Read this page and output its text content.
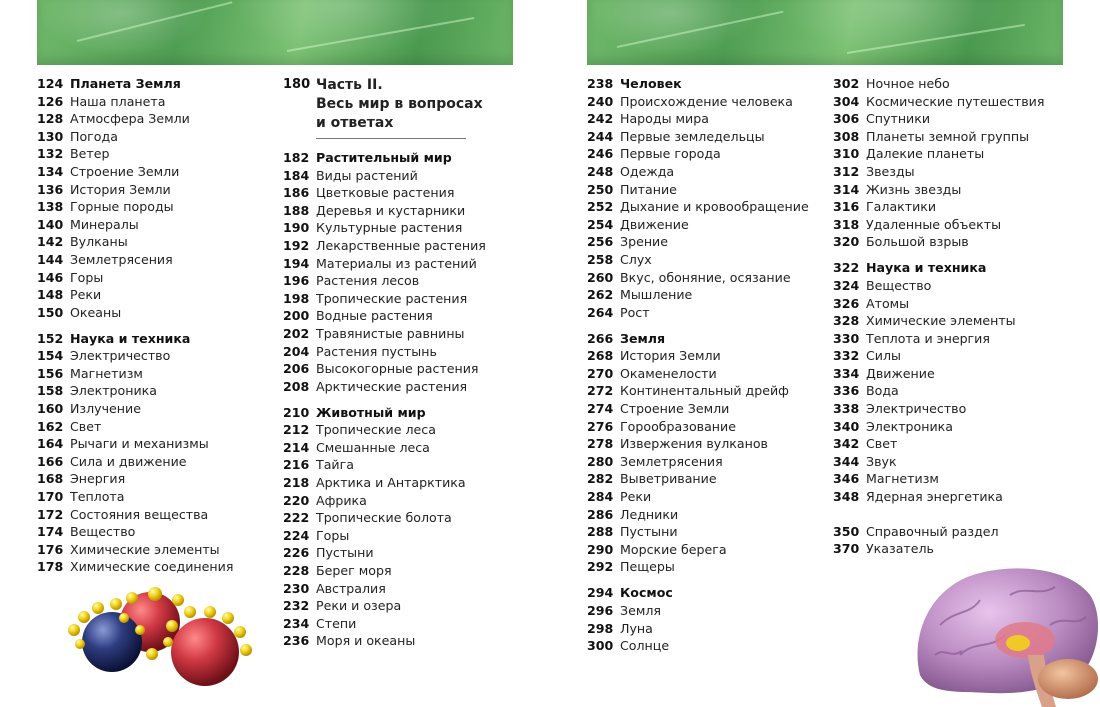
124 Планета Земля
126 Наша планета
128 Атмосфера Земли
130 Погода
132 Ветер
134 Строение Земли
136 История Земли
138 Горные породы
140 Минералы
142 Вулканы
144 Землетрясения
146 Горы
148 Реки
150 Океаны
152 Наука и техника
154 Электричество
156 Магнетизм
158 Электроника
160 Излучение
162 Свет
164 Рычаги и механизмы
166 Сила и движение
168 Энергия
170 Теплота
172 Состояния вещества
174 Вещество
176 Химические элементы
178 Химические соединения
180 Часть II.
Весь мир в вопросах
и ответах
182 Растительный мир
184 Виды растений
186 Цветковые растения
188 Деревья и кустарники
190 Культурные растения
192 Лекарственные растения
194 Материалы из растений
196 Растения лесов
198 Тропические растения
200 Водные растения
202 Травянистые равнины
204 Растения пустынь
206 Высокогорные растения
208 Арктические растения
210 Животный мир
212 Тропические леса
214 Смешанные леса
216 Тайга
218 Арктика и Антарктика
220 Африка
222 Тропические болота
224 Горы
226 Пустыни
228 Берег моря
230 Австралия
232 Реки и озера
234 Степи
236 Моря и океаны
238 Человек
240 Происхождение человека
242 Народы мира
244 Первые земледельцы
246 Первые города
248 Одежда
250 Питание
252 Дыхание и кровообращение
254 Движение
256 Зрение
258 Слух
260 Вкус, обоняние, осязание
262 Мышление
264 Рост
266 Земля
268 История Земли
270 Окаменелости
272 Континентальный дрейф
274 Строение Земли
276 Горообразование
278 Извержения вулканов
280 Землетрясения
282 Выветривание
284 Реки
286 Ледники
288 Пустыни
290 Морские берега
292 Пещеры
294 Космос
296 Земля
298 Луна
300 Солнце
302 Ночное небо
304 Космические путешествия
306 Спутники
308 Планеты земной группы
310 Далекие планеты
312 Звезды
314 Жизнь звезды
316 Галактики
318 Удаленные объекты
320 Большой взрыв
322 Наука и техника
324 Вещество
326 Атомы
328 Химические элементы
330 Теплота и энергия
332 Силы
334 Движение
336 Вода
338 Электричество
340 Электроника
342 Свет
344 Звук
346 Магнетизм
348 Ядерная энергетика
350 Справочный раздел
370 Указатель
